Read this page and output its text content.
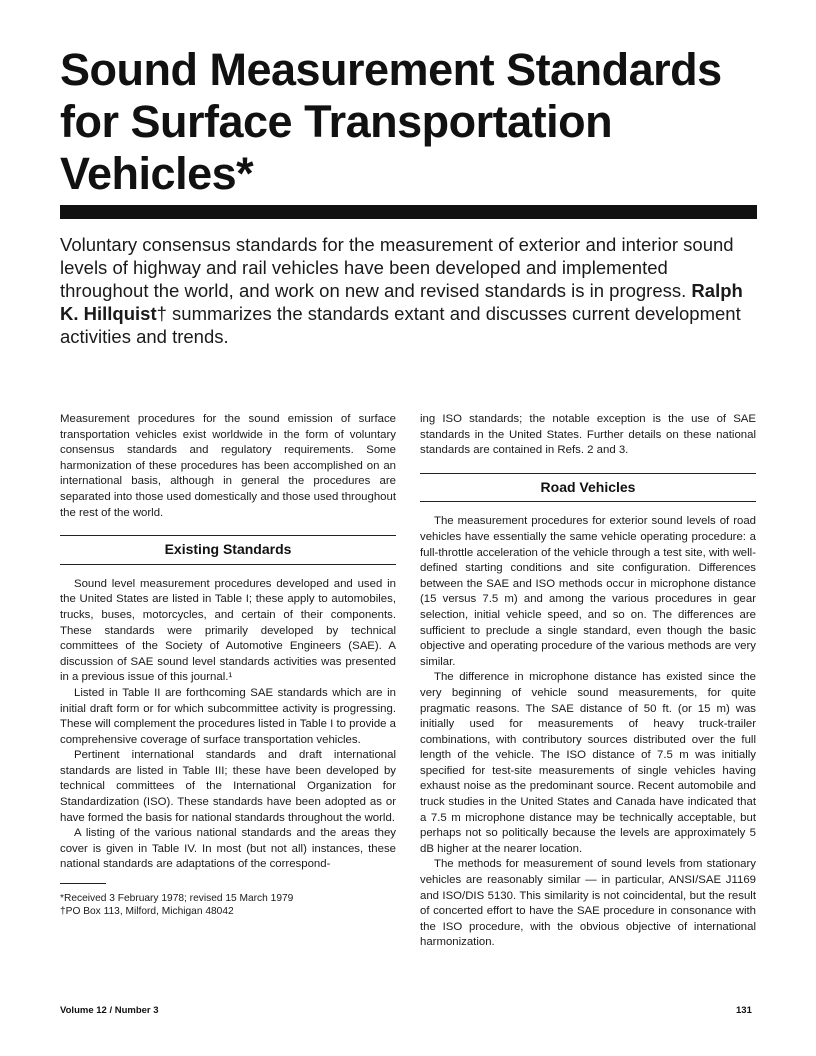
Sound Measurement Standards
for Surface Transportation
Vehicles*
Voluntary consensus standards for the measurement of exterior and interior sound levels of highway and rail vehicles have been developed and implemented throughout the world, and work on new and revised standards is in progress. Ralph K. Hillquist† summarizes the standards extant and discusses current development activities and trends.

Measurement procedures for the sound emission of surface transportation vehicles exist worldwide in the form of voluntary consensus standards and regulatory requirements. Some harmonization of these procedures has been accomplished on an international basis, although in general the procedures are separated into those used domestically and those used throughout the rest of the world.

Existing Standards

Sound level measurement procedures developed and used in the United States are listed in Table I; these apply to automobiles, trucks, buses, motorcycles, and certain of their components. These standards were primarily developed by technical committees of the Society of Automotive Engineers (SAE). A discussion of SAE sound level standards activities was presented in a previous issue of this journal.¹

Listed in Table II are forthcoming SAE standards which are in initial draft form or for which subcommittee activity is progressing. These will complement the procedures listed in Table I to provide a comprehensive coverage of surface transportation vehicles.

Pertinent international standards and draft international standards are listed in Table III; these have been developed by technical committees of the International Organization for Standardization (ISO). These standards have been adopted as or have formed the basis for national standards throughout the world.

A listing of the various national standards and the areas they cover is given in Table IV. In most (but not all) instances, these national standards are adaptations of the correspond-

*Received 3 February 1978; revised 15 March 1979

†PO Box 113, Milford, Michigan 48042

ing ISO standards; the notable exception is the use of SAE standards in the United States. Further details on these national standards are contained in Refs. 2 and 3.

Road Vehicles

The measurement procedures for exterior sound levels of road vehicles have essentially the same vehicle operating procedure: a full-throttle acceleration of the vehicle through a test site, with well-defined starting conditions and site configuration. Differences between the SAE and ISO methods occur in microphone distance (15 versus 7.5 m) and among the various procedures in gear selection, initial vehicle speed, and so on. The differences are sufficient to preclude a single standard, even though the basic objective and operating procedure of the various methods are very similar.

The difference in microphone distance has existed since the very beginning of vehicle sound measurements, for quite pragmatic reasons. The SAE distance of 50 ft. (or 15 m) was initially used for measurements of heavy truck-trailer combinations, with contributory sources distributed over the full length of the vehicle. The ISO distance of 7.5 m was initially specified for test-site measurements of single vehicles having exhaust noise as the predominant source. Recent automobile and truck studies in the United States and Canada have indicated that a 7.5 m microphone distance may be technically acceptable, but perhaps not so politically because the levels are approximately 5 dB higher at the nearer location.

The methods for measurement of sound levels from stationary vehicles are reasonably similar — in particular, ANSI/SAE J1169 and ISO/DIS 5130. This similarity is not coincidental, but the result of concerted effort to have the SAE procedure in consonance with the ISO procedure, with the obvious objective of international harmonization.

Volume 12 / Number 3	131
